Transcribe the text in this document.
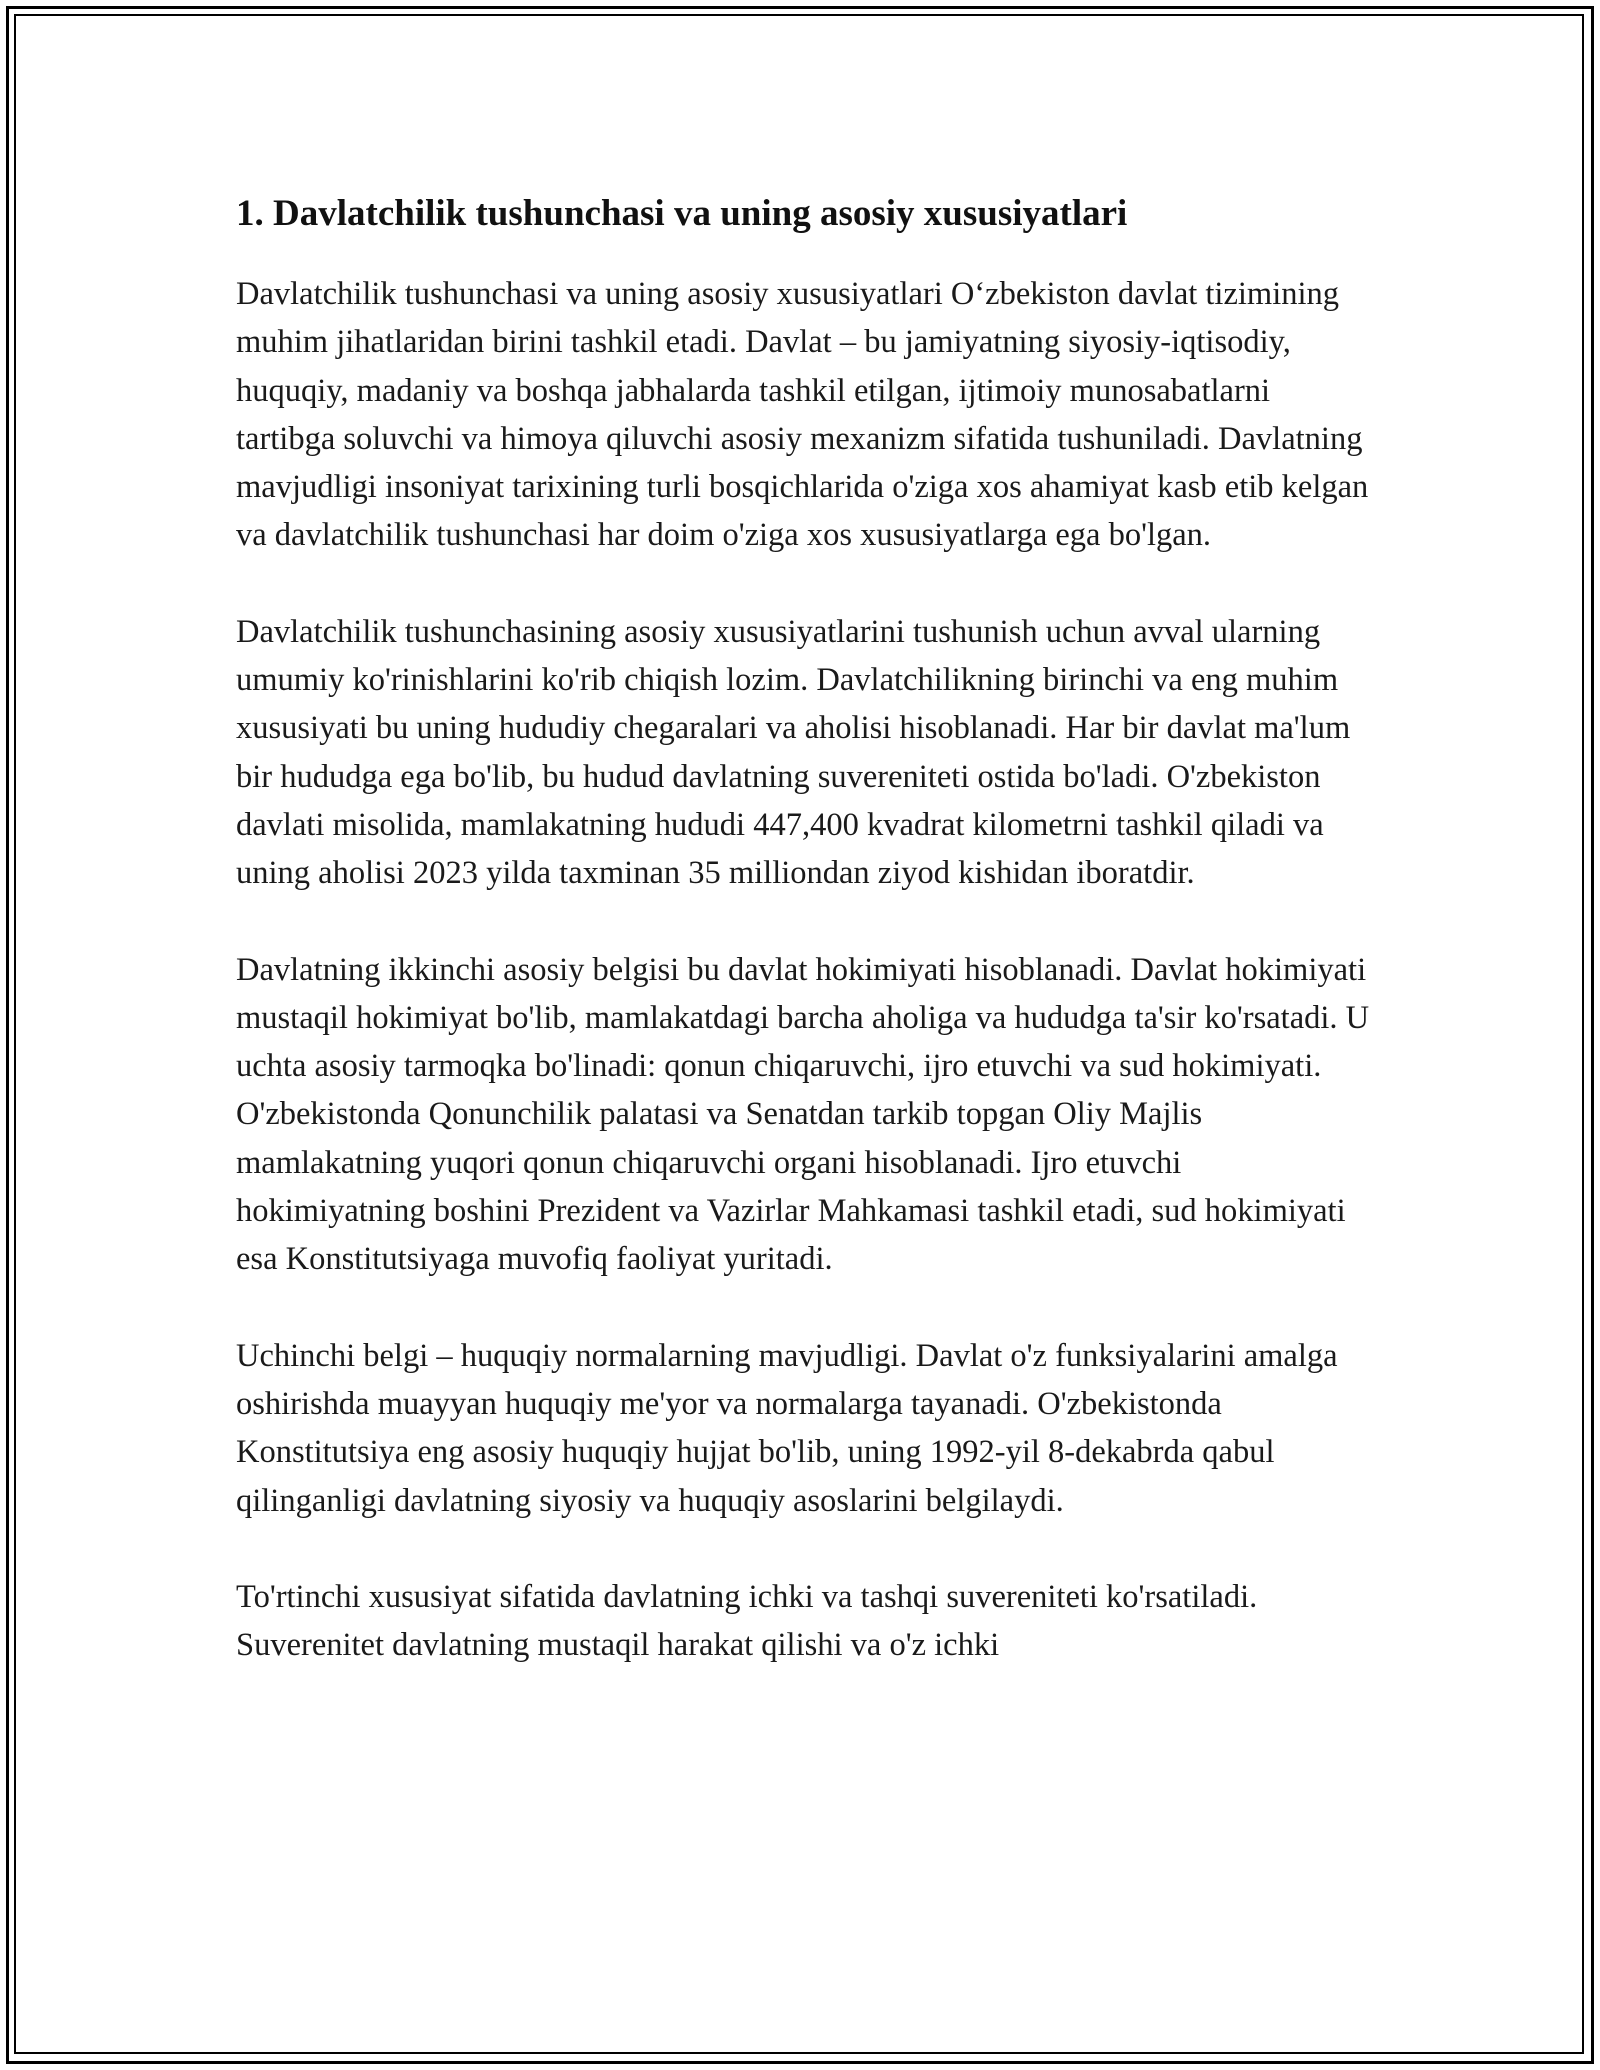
1. Davlatchilik tushunchasi va uning asosiy xususiyatlari

Davlatchilik tushunchasi va uning asosiy xususiyatlari O‘zbekiston davlat tizimining muhim jihatlaridan birini tashkil etadi. Davlat – bu jamiyatning siyosiy-iqtisodiy, huquqiy, madaniy va boshqa jabhalarda tashkil etilgan, ijtimoiy munosabatlarni tartibga soluvchi va himoya qiluvchi asosiy mexanizm sifatida tushuniladi. Davlatning mavjudligi insoniyat tarixining turli bosqichlarida o'ziga xos ahamiyat kasb etib kelgan va davlatchilik tushunchasi har doim o'ziga xos xususiyatlarga ega bo'lgan.

Davlatchilik tushunchasining asosiy xususiyatlarini tushunish uchun avval ularning umumiy ko'rinishlarini ko'rib chiqish lozim. Davlatchilikning birinchi va eng muhim xususiyati bu uning hududiy chegaralari va aholisi hisoblanadi. Har bir davlat ma'lum bir hududga ega bo'lib, bu hudud davlatning suvereniteti ostida bo'ladi. O'zbekiston davlati misolida, mamlakatning hududi 447,400 kvadrat kilometrni tashkil qiladi va uning aholisi 2023 yilda taxminan 35 milliondan ziyod kishidan iboratdir.

Davlatning ikkinchi asosiy belgisi bu davlat hokimiyati hisoblanadi. Davlat hokimiyati mustaqil hokimiyat bo'lib, mamlakatdagi barcha aholiga va hududga ta'sir ko'rsatadi. U uchta asosiy tarmoqka bo'linadi: qonun chiqaruvchi, ijro etuvchi va sud hokimiyati. O'zbekistonda Qonunchilik palatasi va Senatdan tarkib topgan Oliy Majlis mamlakatning yuqori qonun chiqaruvchi organi hisoblanadi. Ijro etuvchi hokimiyatning boshini Prezident va Vazirlar Mahkamasi tashkil etadi, sud hokimiyati esa Konstitutsiyaga muvofiq faoliyat yuritadi.

Uchinchi belgi – huquqiy normalarning mavjudligi. Davlat o'z funksiyalarini amalga oshirishda muayyan huquqiy me'yor va normalarga tayanadi. O'zbekistonda Konstitutsiya eng asosiy huquqiy hujjat bo'lib, uning 1992-yil 8-dekabrda qabul qilinganligi davlatning siyosiy va huquqiy asoslarini belgilaydi.

To'rtinchi xususiyat sifatida davlatning ichki va tashqi suvereniteti ko'rsatiladi. Suverenitet davlatning mustaqil harakat qilishi va o'z ichki
